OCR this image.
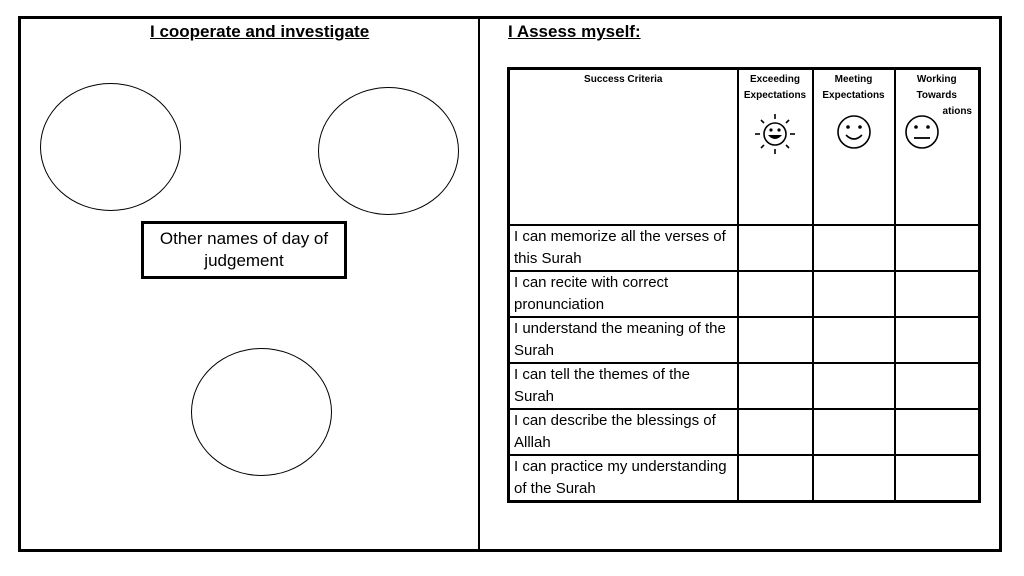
I cooperate and investigate	I Assess myself:
Other names of day of judgement
Success Criteria	Exceeding Expectations	Meeting Expectations	Working Towards
ations

I can memorize all the verses of this Surah			
I can recite with correct pronunciation			
I understand the meaning of the Surah			
I can tell the themes of the Surah			
I can describe the blessings of Alllah			
I can practice my understanding of the Surah			
